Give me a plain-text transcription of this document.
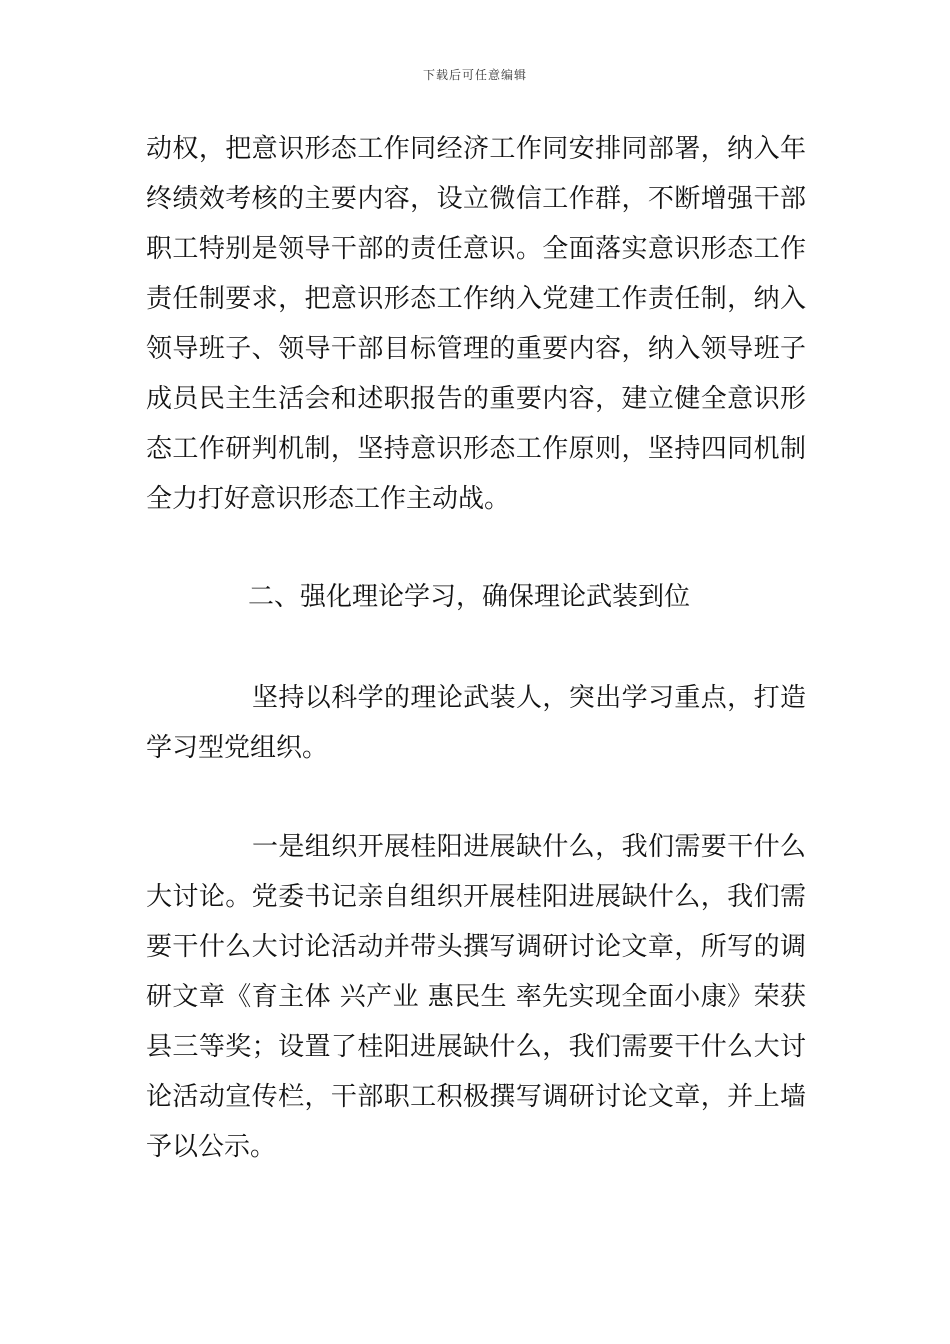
下载后可任意编辑
动权，把意识形态工作同经济工作同安排同部署，纳入年
终绩效考核的主要内容，设立微信工作群，不断增强干部
职工特别是领导干部的责任意识。全面落实意识形态工作
责任制要求，把意识形态工作纳入党建工作责任制，纳入
领导班子、领导干部目标管理的重要内容，纳入领导班子
成员民主生活会和述职报告的重要内容，建立健全意识形
态工作研判机制，坚持意识形态工作原则，坚持四同机制
全力打好意识形态工作主动战。
二、强化理论学习，确保理论武装到位
坚持以科学的理论武装人，突出学习重点，打造
学习型党组织。
一是组织开展桂阳进展缺什么，我们需要干什么
大讨论。党委书记亲自组织开展桂阳进展缺什么，我们需
要干什么大讨论活动并带头撰写调研讨论文章，所写的调
研文章《育主体 兴产业 惠民生 率先实现全面小康》荣获
县三等奖；设置了桂阳进展缺什么，我们需要干什么大讨
论活动宣传栏，干部职工积极撰写调研讨论文章，并上墙
予以公示。
